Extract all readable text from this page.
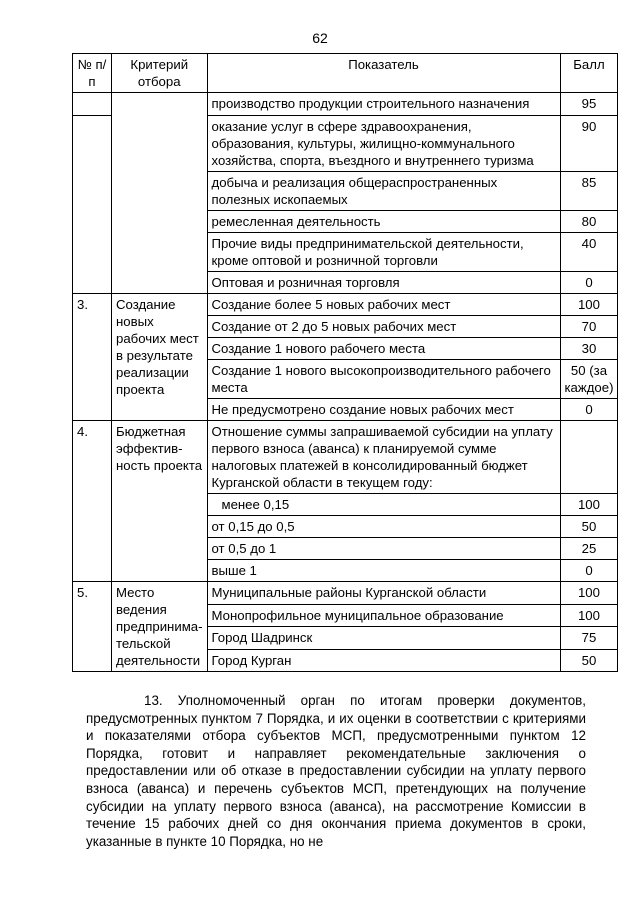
62
№ п/п	Критерий отбора	Показатель	Балл
		производство продукции строительного назначения	95
		оказание услуг в сфере здравоохранения, образования, культуры, жилищно-коммунального хозяйства, спорта, въездного и внутреннего туризма	90
		добыча и реализация общераспространенных полезных ископаемых	85
		ремесленная деятельность	80
		Прочие виды предпринимательской деятельности, кроме оптовой и розничной торговли	40
		Оптовая и розничная торговля	0
3.	Создание новых рабочих мест в результате реализации проекта	Создание более 5 новых рабочих мест	100
		Создание от 2 до 5 новых рабочих мест	70
		Создание 1 нового рабочего места	30
		Создание 1 нового высокопроизводительного рабочего места	50 (за каждое)
		Не предусмотрено создание новых рабочих мест	0
4.	Бюджетная эффектив-ность проекта	Отношение суммы запрашиваемой субсидии на уплату первого взноса (аванса) к планируемой сумме налоговых платежей в консолидированный бюджет Курганской области в текущем году:	
		менее 0,15	100
		от 0,15 до 0,5	50
		от 0,5 до 1	25
		выше 1	0
5.	Место ведения предпринима-тельской деятельности	Муниципальные районы Курганской области	100
		Монопрофильное муниципальное образование	100
		Город Шадринск	75
		Город Курган	50

13. Уполномоченный орган по итогам проверки документов, предусмотренных пунктом 7 Порядка, и их оценки в соответствии с критериями и показателями отбора субъектов МСП, предусмотренными пунктом 12 Порядка, готовит и направляет рекомендательные заключения о предоставлении или об отказе в предоставлении субсидии на уплату первого взноса (аванса) и перечень субъектов МСП, претендующих на получение субсидии на уплату первого взноса (аванса), на рассмотрение Комиссии в течение 15 рабочих дней со дня окончания приема документов в сроки, указанные в пункте 10 Порядка, но не
